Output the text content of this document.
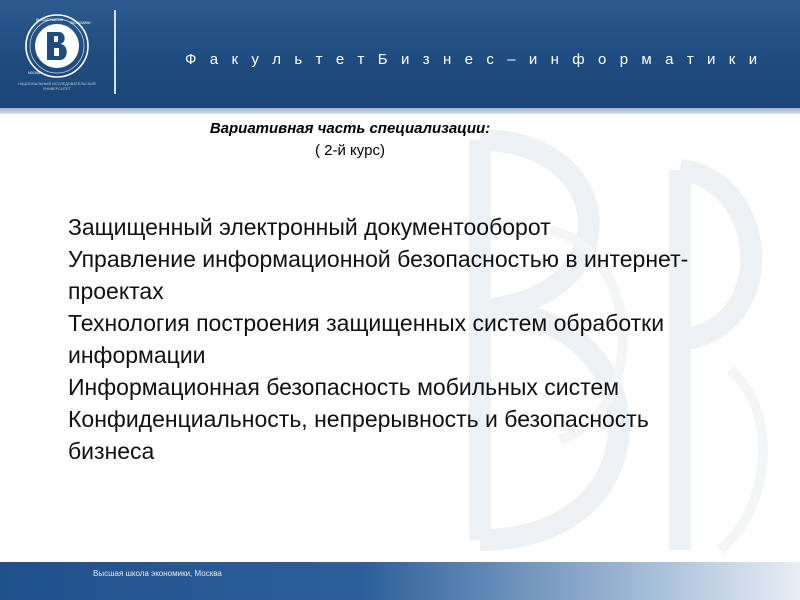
ВЫСШАЯ ШКОЛА
ЭКОНОМИКИ
МОСКВА
НАЦИОНАЛЬНЫЙ ИССЛЕДОВАТЕЛЬСКИЙ УНИВЕРСИТЕТ
Ф а к у л ь т е т Б и з н е с – и н ф о р м а т и к и
Вариативная часть специализации:
( 2-й курс)
Защищенный электронный документооборот
Управление информационной безопасностью в интернет-проектах
Технология построения защищенных систем обработки информации
Информационная безопасность мобильных систем
Конфиденциальность, непрерывность и безопасность бизнеса
Высшая школа экономики, Москва
